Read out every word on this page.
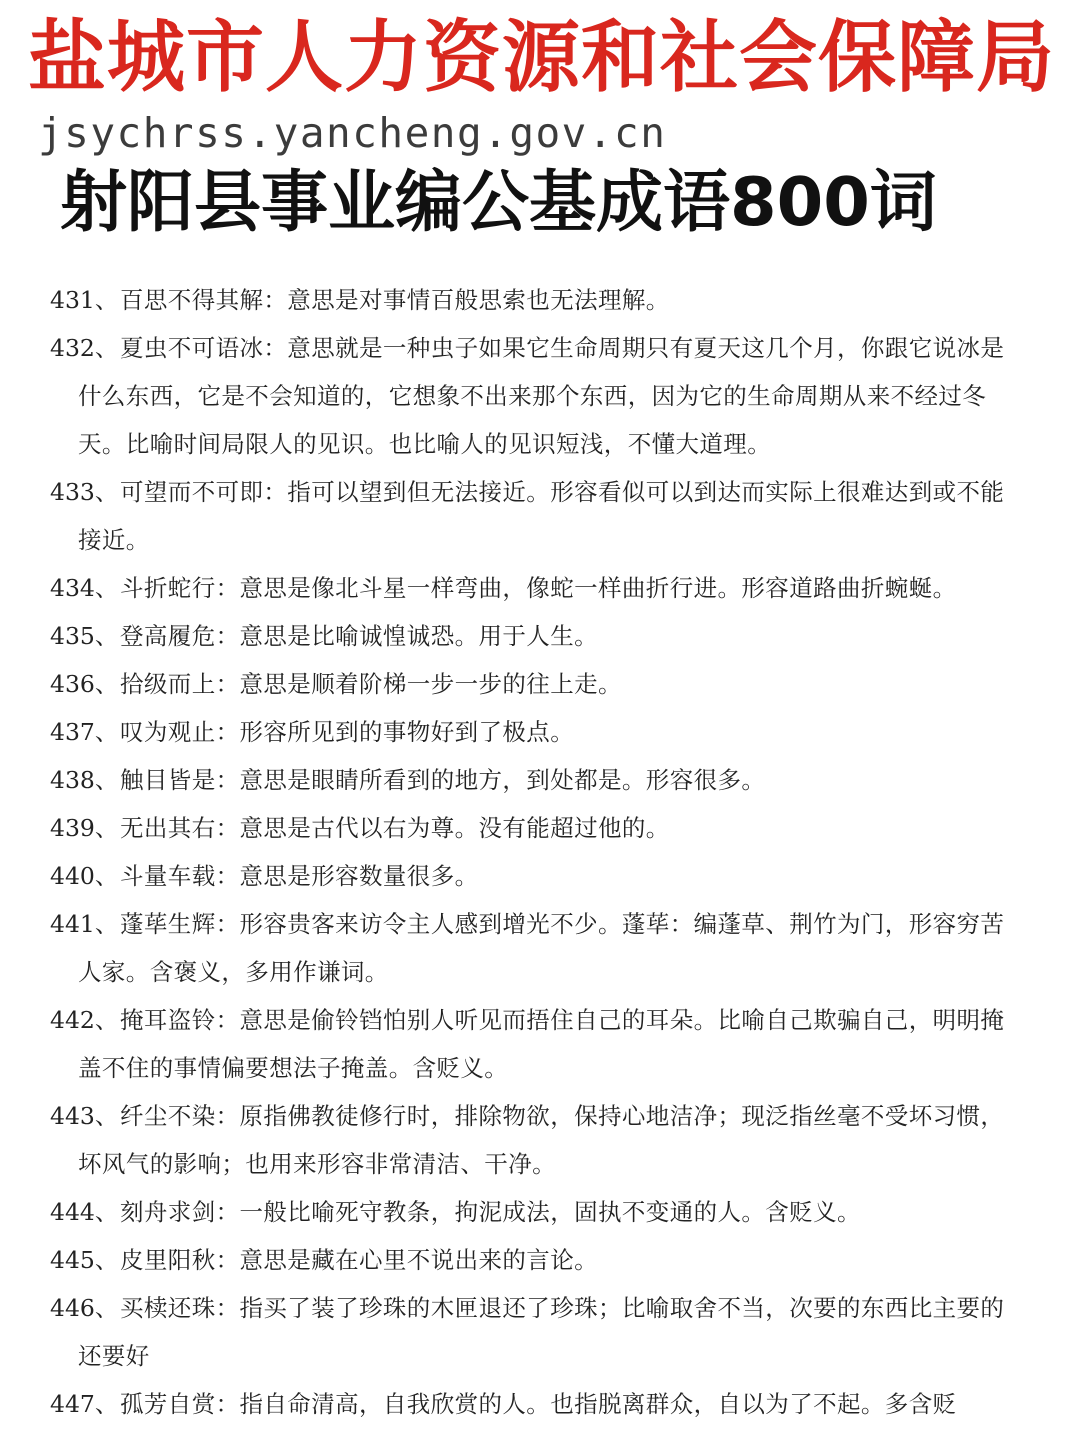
盐城市人力资源和社会保障局
jsychrss.yancheng.gov.cn
射阳县事业编公基成语800词

431、 百思不得其解：意思是对事情百般思索也无法理解。

432、 夏虫不可语冰：意思就是一种虫子如果它生命周期只有夏天这几个月，你跟它说冰是什么东西，它是不会知道的，它想象不出来那个东西，因为它的生命周期从来不经过冬天。比喻时间局限人的见识。也比喻人的见识短浅，不懂大道理。

433、 可望而不可即：指可以望到但无法接近。形容看似可以到达而实际上很难达到或不能接近。

434、 斗折蛇行：意思是像北斗星一样弯曲，像蛇一样曲折行进。形容道路曲折蜿蜒。

435、 登高履危：意思是比喻诚惶诚恐。用于人生。

436、 拾级而上：意思是顺着阶梯一步一步的往上走。

437、 叹为观止：形容所见到的事物好到了极点。

438、 触目皆是：意思是眼睛所看到的地方，到处都是。形容很多。

439、 无出其右：意思是古代以右为尊。没有能超过他的。

440、 斗量车载：意思是形容数量很多。

441、 蓬荜生辉：形容贵客来访令主人感到增光不少。蓬荜：编蓬草、荆竹为门，形容穷苦人家。含褒义，多用作谦词。

442、 掩耳盗铃：意思是偷铃铛怕别人听见而捂住自己的耳朵。比喻自己欺骗自己，明明掩盖不住的事情偏要想法子掩盖。含贬义。

443、 纤尘不染：原指佛教徒修行时，排除物欲，保持心地洁净；现泛指丝毫不受坏习惯，坏风气的影响；也用来形容非常清洁、干净。

444、 刻舟求剑：一般比喻死守教条，拘泥成法，固执不变通的人。含贬义。

445、 皮里阳秋：意思是藏在心里不说出来的言论。

446、 买椟还珠：指买了装了珍珠的木匣退还了珍珠；比喻取舍不当，次要的东西比主要的还要好

447、 孤芳自赏：指自命清高，自我欣赏的人。也指脱离群众，自以为了不起。多含贬
